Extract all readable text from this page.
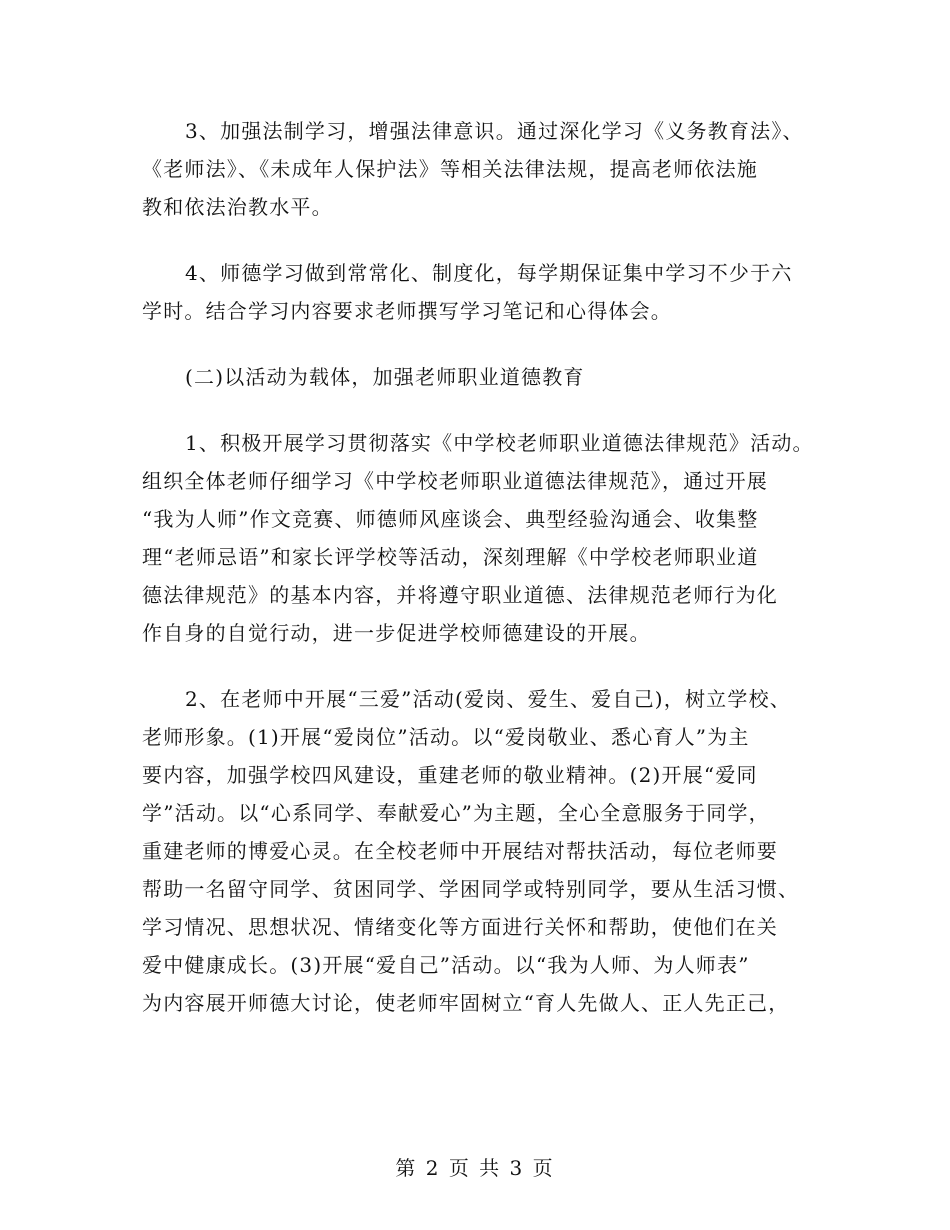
3、加强法制学习，增强法律意识。通过深化学习《义务教育法》、
《老师法》、《未成年人保护法》等相关法律法规，提高老师依法施
教和依法治教水平。

4、师德学习做到常常化、制度化，每学期保证集中学习不少于六
学时。结合学习内容要求老师撰写学习笔记和心得体会。

(二)以活动为载体，加强老师职业道德教育

1、积极开展学习贯彻落实《中学校老师职业道德法律规范》活动。
组织全体老师仔细学习《中学校老师职业道德法律规范》，通过开展
“我为人师”作文竞赛、师德师风座谈会、典型经验沟通会、收集整
理“老师忌语”和家长评学校等活动，深刻理解《中学校老师职业道
德法律规范》的基本内容，并将遵守职业道德、法律规范老师行为化
作自身的自觉行动，进一步促进学校师德建设的开展。

2、在老师中开展“三爱”活动(爱岗、爱生、爱自己)，树立学校、
老师形象。(1)开展“爱岗位”活动。以“爱岗敬业、悉心育人”为主
要内容，加强学校四风建设，重建老师的敬业精神。(2)开展“爱同
学”活动。以“心系同学、奉献爱心”为主题，全心全意服务于同学，
重建老师的博爱心灵。在全校老师中开展结对帮扶活动，每位老师要
帮助一名留守同学、贫困同学、学困同学或特别同学，要从生活习惯、
学习情况、思想状况、情绪变化等方面进行关怀和帮助，使他们在关
爱中健康成长。(3)开展“爱自己”活动。以“我为人师、为人师表”
为内容展开师德大讨论，使老师牢固树立“育人先做人、正人先正己，

第 2 页 共 3 页
